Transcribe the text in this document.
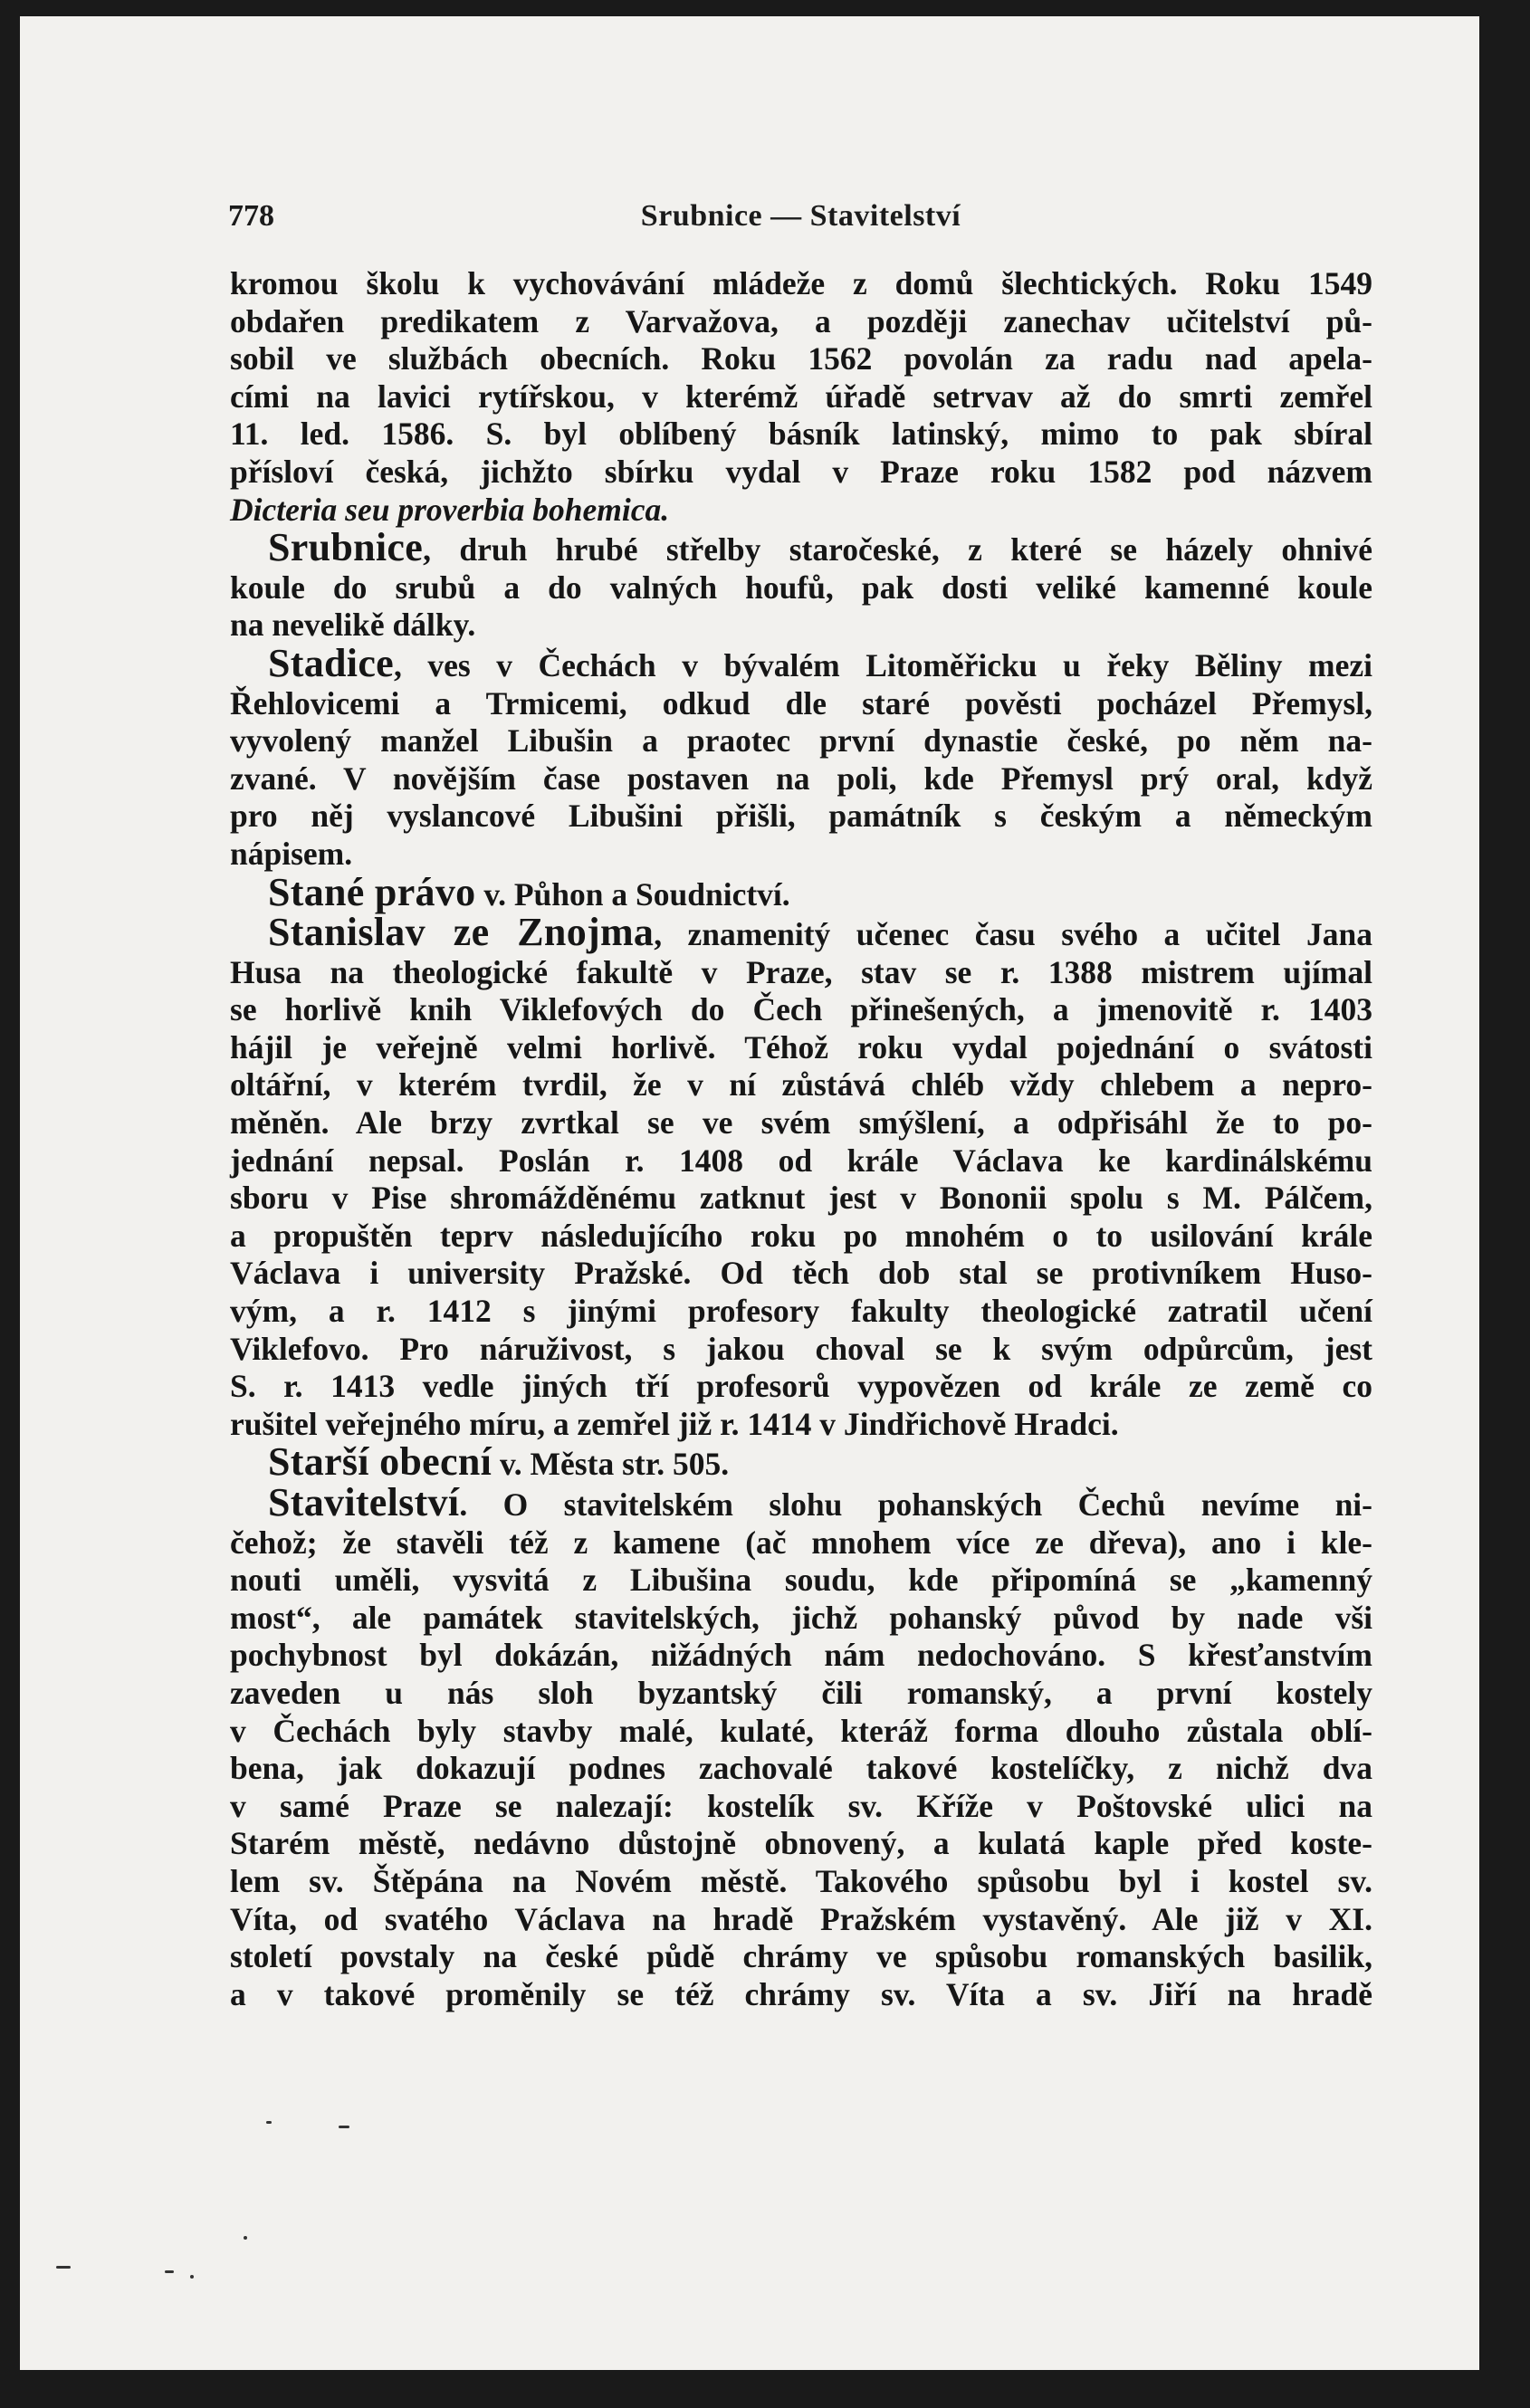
778	Srubnice — Stavitelství
kromou školu k vychovávání mládeže z domů šlechtických. Roku 1549
obdařen predikatem z Varvažova, a později zanechav učitelství pů-
sobil ve službách obecních. Roku 1562 povolán za radu nad apela-
cími na lavici rytířskou, v kterémž úřadě setrvav až do smrti zemřel
11. led. 1586. S. byl oblíbený básník latinský, mimo to pak sbíral
přísloví česká, jichžto sbírku vydal v Praze roku 1582 pod názvem
Dicteria seu proverbia bohemica.
Srubnice, druh hrubé střelby staročeské, z které se házely ohnivé
koule do srubů a do valných houfů, pak dosti veliké kamenné koule
na nevelikě dálky.
Stadice, ves v Čechách v bývalém Litoměřicku u řeky Běliny mezi
Řehlovicemi a Trmicemi, odkud dle staré pověsti pocházel Přemysl,
vyvolený manžel Libušin a praotec první dynastie české, po něm na-
zvané. V novějším čase postaven na poli, kde Přemysl prý oral, když
pro něj vyslancové Libušini přišli, památník s českým a německým
nápisem.
Stané právo v. Půhon a Soudnictví.
Stanislav ze Znojma, znamenitý učenec času svého a učitel Jana
Husa na theologické fakultě v Praze, stav se r. 1388 mistrem ujímal
se horlivě knih Viklefových do Čech přinešených, a jmenovitě r. 1403
hájil je veřejně velmi horlivě. Téhož roku vydal pojednání o svátosti
oltářní, v kterém tvrdil, že v ní zůstává chléb vždy chlebem a nepro-
měněn. Ale brzy zvrtkal se ve svém smýšlení, a odpřisáhl že to po-
jednání nepsal. Poslán r. 1408 od krále Václava ke kardinálskému
sboru v Pise shromážděnému zatknut jest v Bononii spolu s M. Pálčem,
a propuštěn teprv následujícího roku po mnohém o to usilování krále
Václava i university Pražské. Od těch dob stal se protivníkem Huso-
vým, a r. 1412 s jinými profesory fakulty theologické zatratil učení
Viklefovo. Pro náruživost, s jakou choval se k svým odpůrcům, jest
S. r. 1413 vedle jiných tří profesorů vypovězen od krále ze země co
rušitel veřejného míru, a zemřel již r. 1414 v Jindřichově Hradci.
Starší obecní v. Města str. 505.
Stavitelství. O stavitelském slohu pohanských Čechů nevíme ni-
čehož; že stavěli též z kamene (ač mnohem více ze dřeva), ano i kle-
nouti uměli, vysvitá z Libušina soudu, kde připomíná se „kamenný
most“, ale památek stavitelských, jichž pohanský původ by nade vši
pochybnost byl dokázán, nižádných nám nedochováno. S křesťanstvím
zaveden u nás sloh byzantský čili romanský, a první kostely
v Čechách byly stavby malé, kulaté, kteráž forma dlouho zůstala oblí-
bena, jak dokazují podnes zachovalé takové kostelíčky, z nichž dva
v samé Praze se nalezají: kostelík sv. Kříže v Poštovské ulici na
Starém městě, nedávno důstojně obnovený, a kulatá kaple před koste-
lem sv. Štěpána na Novém městě. Takového spůsobu byl i kostel sv.
Víta, od svatého Václava na hradě Pražském vystavěný. Ale již v XI.
století povstaly na české půdě chrámy ve spůsobu romanských basilik,
a v takové proměnily se též chrámy sv. Víta a sv. Jiří na hradě
